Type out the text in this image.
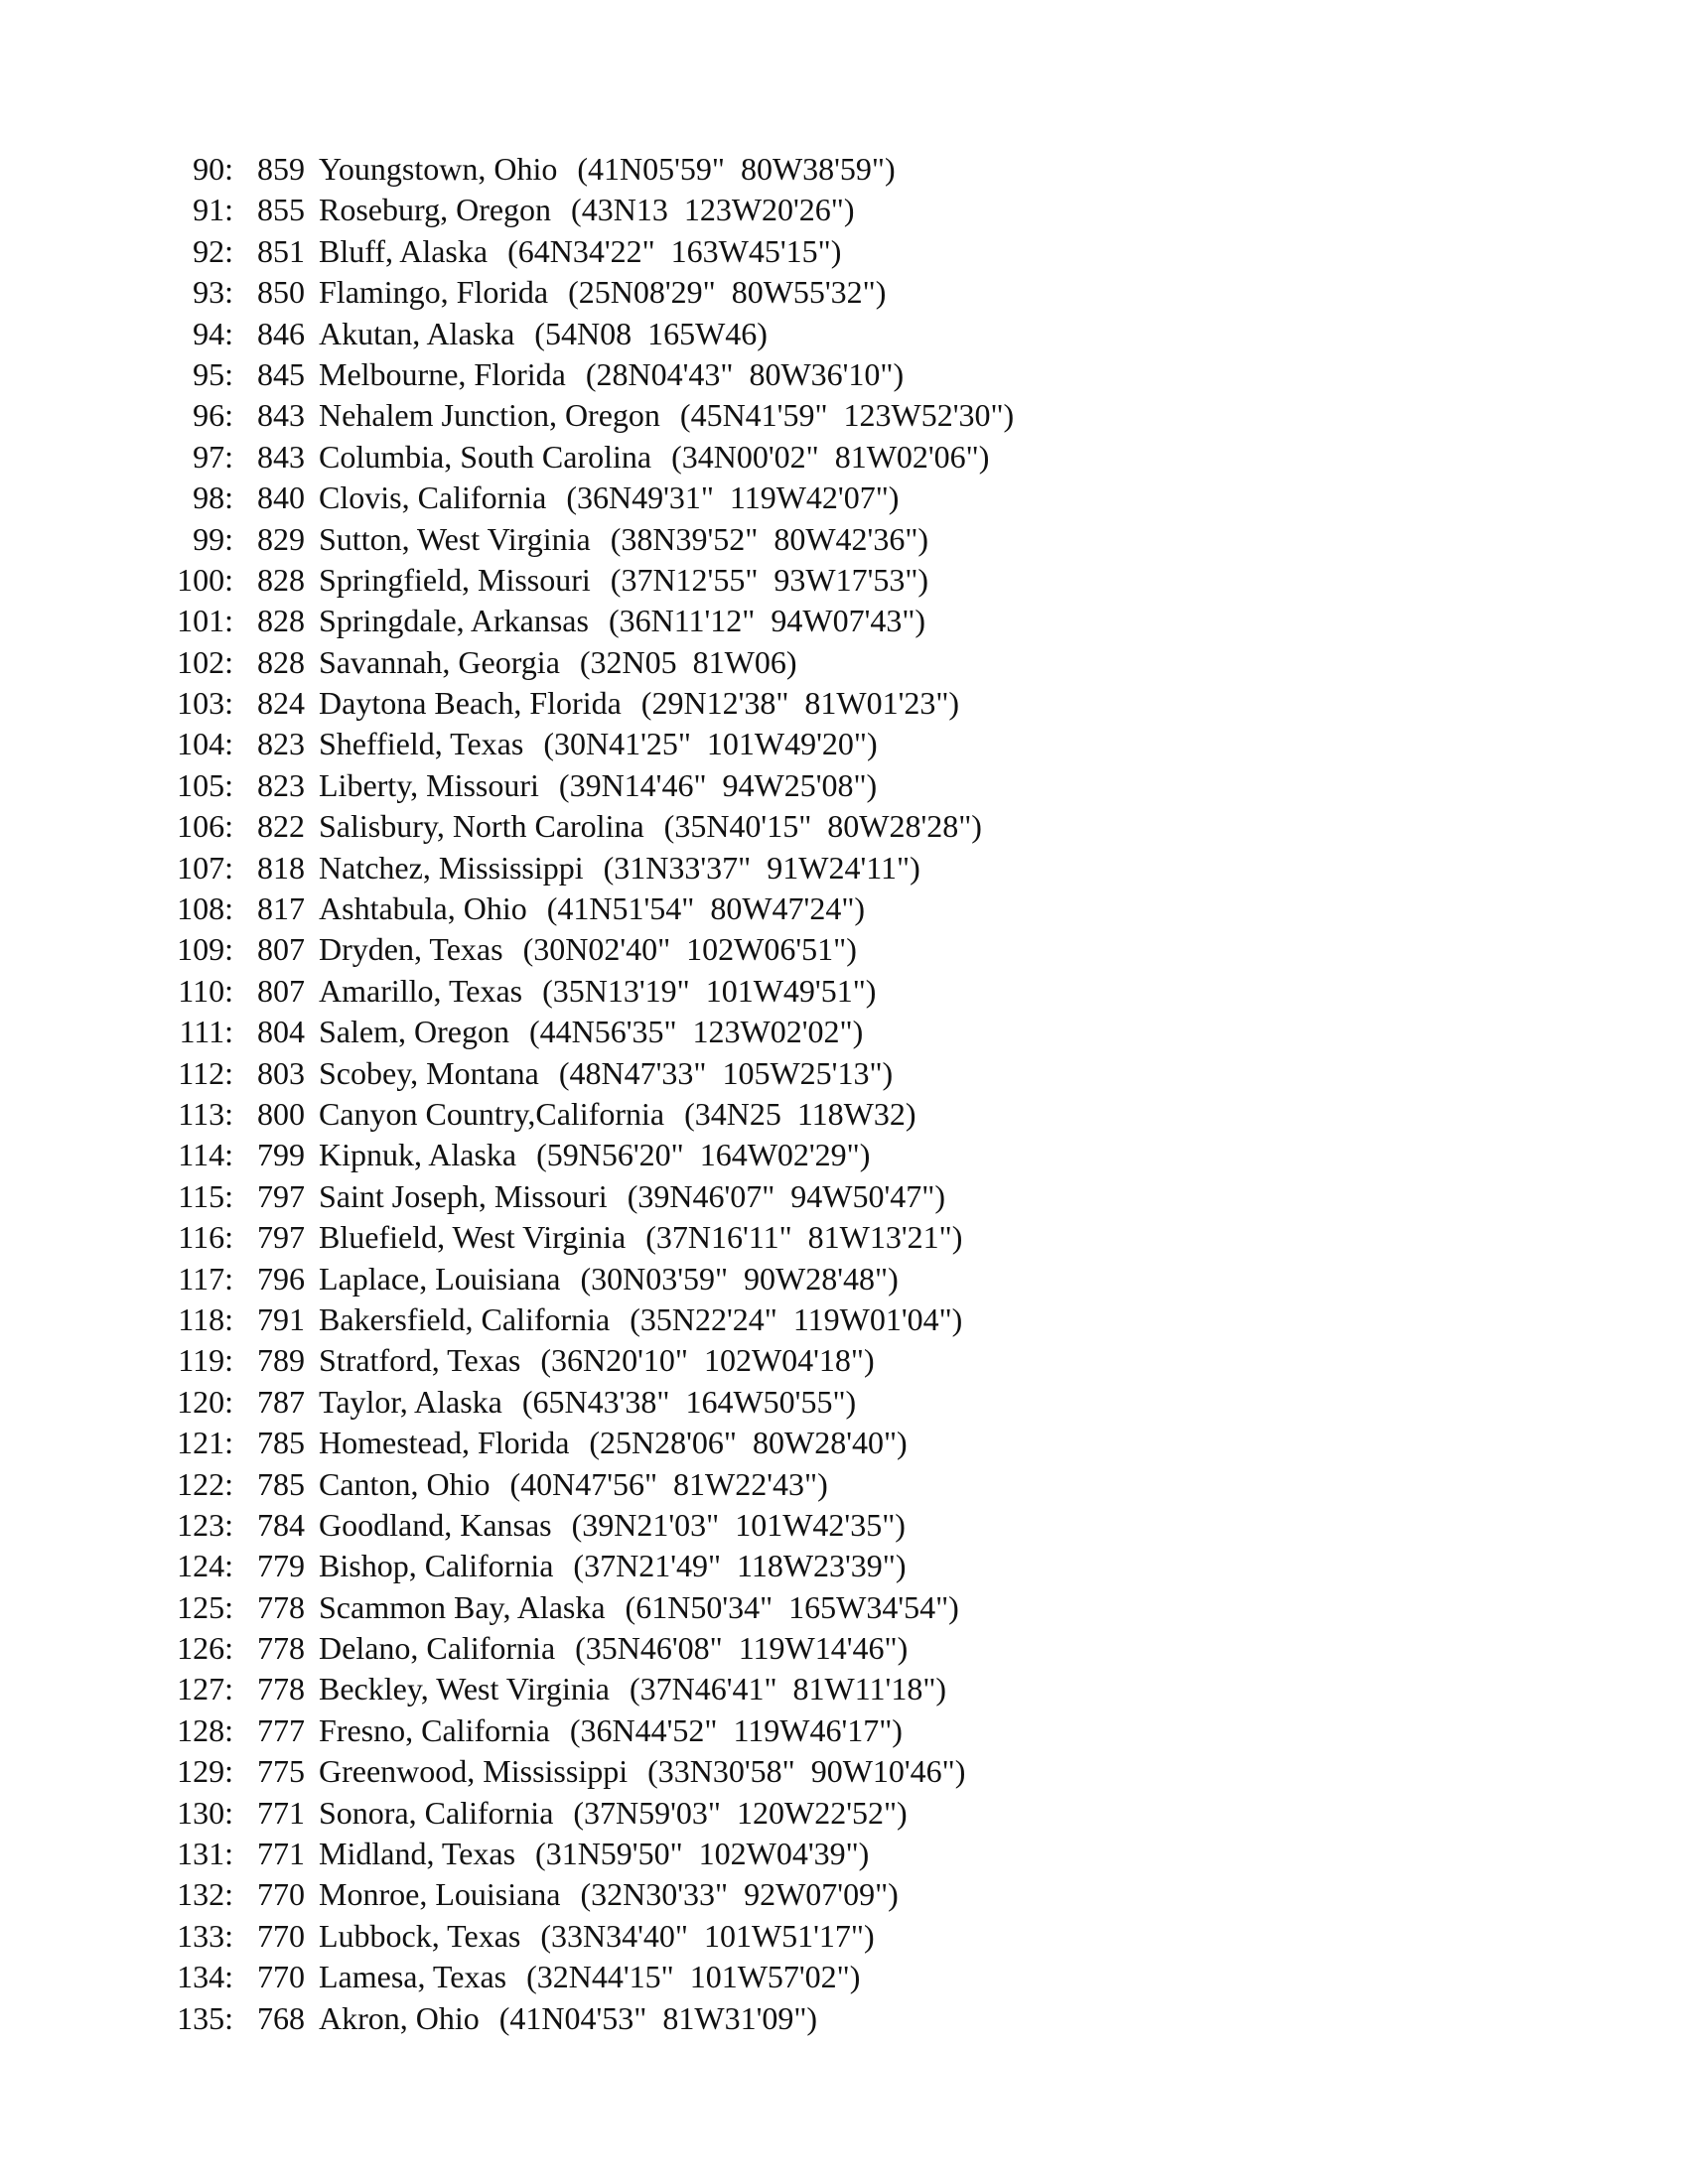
90: 859 Youngstown, Ohio (41N05'59"  80W38'59")
91: 855 Roseburg, Oregon (43N13  123W20'26")
92: 851 Bluff, Alaska (64N34'22"  163W45'15")
93: 850 Flamingo, Florida (25N08'29"  80W55'32")
94: 846 Akutan, Alaska (54N08  165W46)
95: 845 Melbourne, Florida (28N04'43"  80W36'10")
96: 843 Nehalem Junction, Oregon (45N41'59"  123W52'30")
97: 843 Columbia, South Carolina (34N00'02"  81W02'06")
98: 840 Clovis, California (36N49'31"  119W42'07")
99: 829 Sutton, West Virginia (38N39'52"  80W42'36")
100: 828 Springfield, Missouri (37N12'55"  93W17'53")
101: 828 Springdale, Arkansas (36N11'12"  94W07'43")
102: 828 Savannah, Georgia (32N05  81W06)
103: 824 Daytona Beach, Florida (29N12'38"  81W01'23")
104: 823 Sheffield, Texas (30N41'25"  101W49'20")
105: 823 Liberty, Missouri (39N14'46"  94W25'08")
106: 822 Salisbury, North Carolina (35N40'15"  80W28'28")
107: 818 Natchez, Mississippi (31N33'37"  91W24'11")
108: 817 Ashtabula, Ohio (41N51'54"  80W47'24")
109: 807 Dryden, Texas (30N02'40"  102W06'51")
110: 807 Amarillo, Texas (35N13'19"  101W49'51")
111: 804 Salem, Oregon (44N56'35"  123W02'02")
112: 803 Scobey, Montana (48N47'33"  105W25'13")
113: 800 Canyon Country,California (34N25  118W32)
114: 799 Kipnuk, Alaska (59N56'20"  164W02'29")
115: 797 Saint Joseph, Missouri (39N46'07"  94W50'47")
116: 797 Bluefield, West Virginia (37N16'11"  81W13'21")
117: 796 Laplace, Louisiana (30N03'59"  90W28'48")
118: 791 Bakersfield, California (35N22'24"  119W01'04")
119: 789 Stratford, Texas (36N20'10"  102W04'18")
120: 787 Taylor, Alaska (65N43'38"  164W50'55")
121: 785 Homestead, Florida (25N28'06"  80W28'40")
122: 785 Canton, Ohio (40N47'56"  81W22'43")
123: 784 Goodland, Kansas (39N21'03"  101W42'35")
124: 779 Bishop, California (37N21'49"  118W23'39")
125: 778 Scammon Bay, Alaska (61N50'34"  165W34'54")
126: 778 Delano, California (35N46'08"  119W14'46")
127: 778 Beckley, West Virginia (37N46'41"  81W11'18")
128: 777 Fresno, California (36N44'52"  119W46'17")
129: 775 Greenwood, Mississippi (33N30'58"  90W10'46")
130: 771 Sonora, California (37N59'03"  120W22'52")
131: 771 Midland, Texas (31N59'50"  102W04'39")
132: 770 Monroe, Louisiana (32N30'33"  92W07'09")
133: 770 Lubbock, Texas (33N34'40"  101W51'17")
134: 770 Lamesa, Texas (32N44'15"  101W57'02")
135: 768 Akron, Ohio (41N04'53"  81W31'09")
